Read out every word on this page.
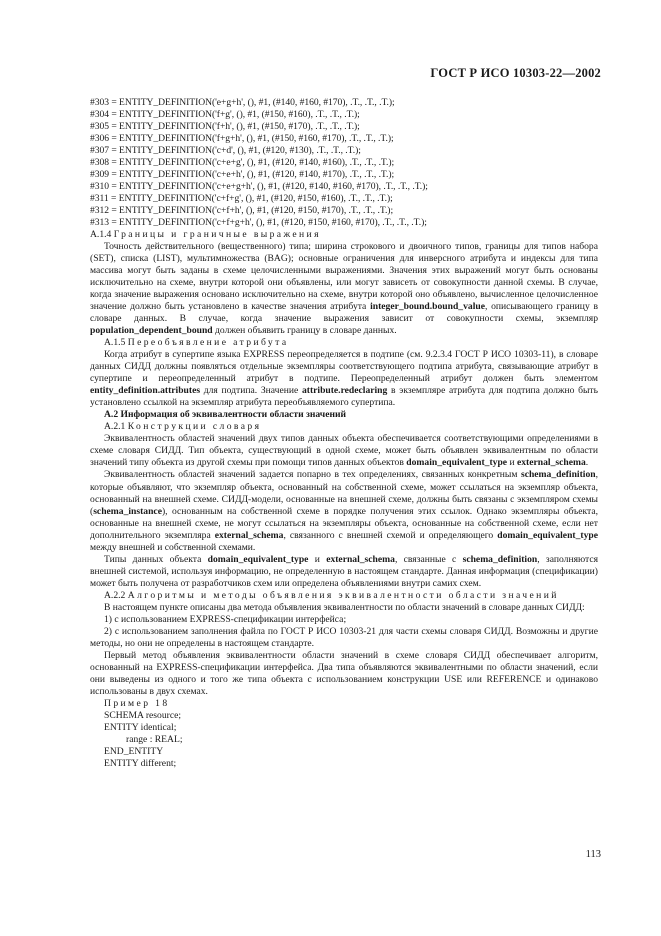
ГОСТ Р ИСО 10303-22—2002
#303 = ENTITY_DEFINITION('e+g+h', (), #1, (#140, #160, #170), .T., .T., .T.);
#304 = ENTITY_DEFINITION('f+g', (), #1, (#150, #160), .T., .T., .T.);
#305 = ENTITY_DEFINITION('f+h', (), #1, (#150, #170), .T., .T., .T.);
#306 = ENTITY_DEFINITION('f+g+h', (), #1, (#150, #160, #170), .T., .T., .T.);
#307 = ENTITY_DEFINITION('c+d', (), #1, (#120, #130), .T., .T., .T.);
#308 = ENTITY_DEFINITION('c+e+g', (), #1, (#120, #140, #160), .T., .T., .T.);
#309 = ENTITY_DEFINITION('c+e+h', (), #1, (#120, #140, #170), .T., .T., .T.);
#310 = ENTITY_DEFINITION('c+e+g+h', (), #1, (#120, #140, #160, #170), .T., .T., .T.);
#311 = ENTITY_DEFINITION('c+f+g', (), #1, (#120, #150, #160), .T., .T., .T.);
#312 = ENTITY_DEFINITION('c+f+h', (), #1, (#120, #150, #170), .T., .T., .T.);
#313 = ENTITY_DEFINITION('c+f+g+h', (), #1, (#120, #150, #160, #170), .T., .T., .T.);
A.1.4 Границы и граничные выражения
Точность действительного (вещественного) типа; ширина строкового и двоичного типов, границы для типов набора (SET), списка (LIST), мультимножества (BAG); основные ограничения для инверсного атрибута и индексы для типа массива могут быть заданы в схеме целочисленными выражениями. Значения этих выражений могут быть основаны исключительно на схеме, внутри которой они объявлены, или могут зависеть от совокупности данной схемы. В случае, когда значение выражения основано исключительно на схеме, внутри которой оно объявлено, вычисленное целочисленное значение должно быть установлено в качестве значения атрибута integer_bound.bound_value, описывающего границу в словаре данных. В случае, когда значение выражения зависит от совокупности схемы, экземпляр population_dependent_bound должен объявить границу в словаре данных.
A.1.5 Переобъявление атрибута
Когда атрибут в супертипе языка EXPRESS переопределяется в подтипе (см. 9.2.3.4 ГОСТ Р ИСО 10303-11), в словаре данных СИДД должны появляться отдельные экземпляры соответствующего подтипа атрибута, связывающие атрибут в супертипе и переопределенный атрибут в подтипе. Переопределенный атрибут должен быть элементом entity_definition.attributes для подтипа. Значение attribute.redeclaring в экземпляре атрибута для подтипа должно быть установлено ссылкой на экземпляр атрибута переобъявляемого супертипа.
A.2 Информация об эквивалентности области значений
A.2.1 Конструкции словаря
Эквивалентность областей значений двух типов данных объекта обеспечивается соответствующими определениями в схеме словаря СИДД. Тип объекта, существующий в одной схеме, может быть объявлен эквивалентным по области значений типу объекта из другой схемы при помощи типов данных объектов domain_equivalent_type и external_schema.
Эквивалентность областей значений задается попарно в тех определениях, связанных конкретным schema_definition, которые объявляют, что экземпляр объекта, основанный на собственной схеме, может ссылаться на экземпляр объекта, основанный на внешней схеме. СИДД-модели, основанные на внешней схеме, должны быть связаны с экземпляром схемы (schema_instance), основанным на собственной схеме в порядке получения этих ссылок. Однако экземпляры объекта, основанные на внешней схеме, не могут ссылаться на экземпляры объекта, основанные на собственной схеме, если нет дополнительного экземпляра external_schema, связанного с внешней схемой и определяющего domain_equivalent_type между внешней и собственной схемами.
Типы данных объекта domain_equivalent_type и external_schema, связанные с schema_definition, заполняются внешней системой, используя информацию, не определенную в настоящем стандарте. Данная информация (спецификации) может быть получена от разработчиков схем или определена объявлениями внутри самих схем.
A.2.2 Алгоритмы и методы объявления эквивалентности области значений
В настоящем пункте описаны два метода объявления эквивалентности по области значений в словаре данных СИДД:
1) с использованием EXPRESS-спецификации интерфейса;
2) с использованием заполнения файла по ГОСТ Р ИСО 10303-21 для части схемы словаря СИДД. Возможны и другие методы, но они не определены в настоящем стандарте.
Первый метод объявления эквивалентности области значений в схеме словаря СИДД обеспечивает алгоритм, основанный на EXPRESS-спецификации интерфейса. Два типа объявляются эквивалентными по области значений, если они выведены из одного и того же типа объекта с использованием конструкции USE или REFERENCE и одинаково использованы в двух схемах.
Пример 18
SCHEMA resource;
ENTITY identical;
range : REAL;
END_ENTITY
ENTITY different;
113
